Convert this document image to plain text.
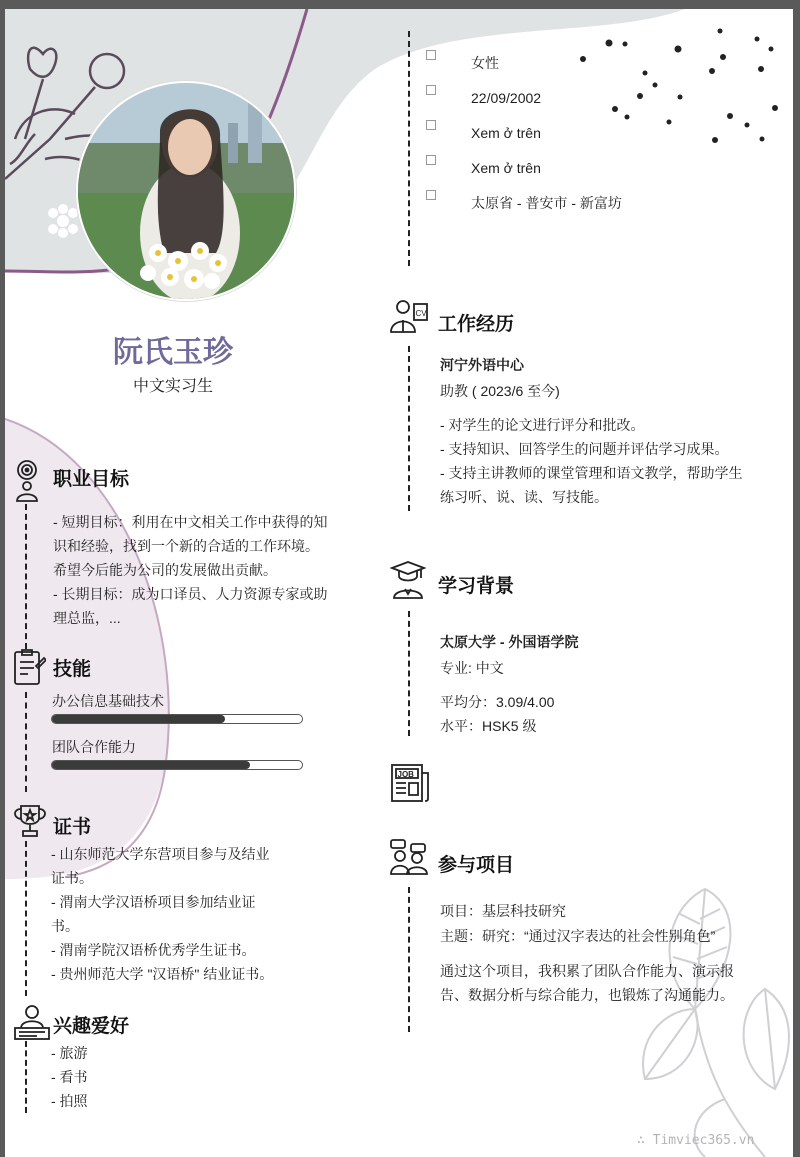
阮氏玉珍
中文实习生
女性
22/09/2002
Xem ở trên
Xem ở trên
太原省 - 普安市 - 新富坊
职业目标
- 短期目标：利用在中文相关工作中获得的知
识和经验，找到一个新的合适的工作环境。
希望今后能为公司的发展做出贡献。
- 长期目标：成为口译员、人力资源专家或助
理总监，...
技能
办公信息基础技术
团队合作能力
证书
- 山东师范大学东营项目参与及结业
证书。
- 渭南大学汉语桥项目参加结业证
书。
- 渭南学院汉语桥优秀学生证书。
- 贵州师范大学 "汉语桥" 结业证书。
兴趣爱好
- 旅游
- 看书
- 拍照
CV
工作经历
河宁外语中心
助教 ( 2023/6 至今)
- 对学生的论文进行评分和批改。
- 支持知识、回答学生的问题并评估学习成果。
- 支持主讲教师的课堂管理和语文教学，帮助学生
练习听、说、读、写技能。
学习背景
太原大学 - 外国语学院
专业: 中文
平均分：3.09/4.00
水平：HSK5 级
JOB
参与项目
项目：基层科技研究
主题：研究：“通过汉字表达的社会性别角色”
通过这个项目，我积累了团队合作能力、演示报
告、数据分析与综合能力，也锻炼了沟通能力。
∴ Timviec365.vn
